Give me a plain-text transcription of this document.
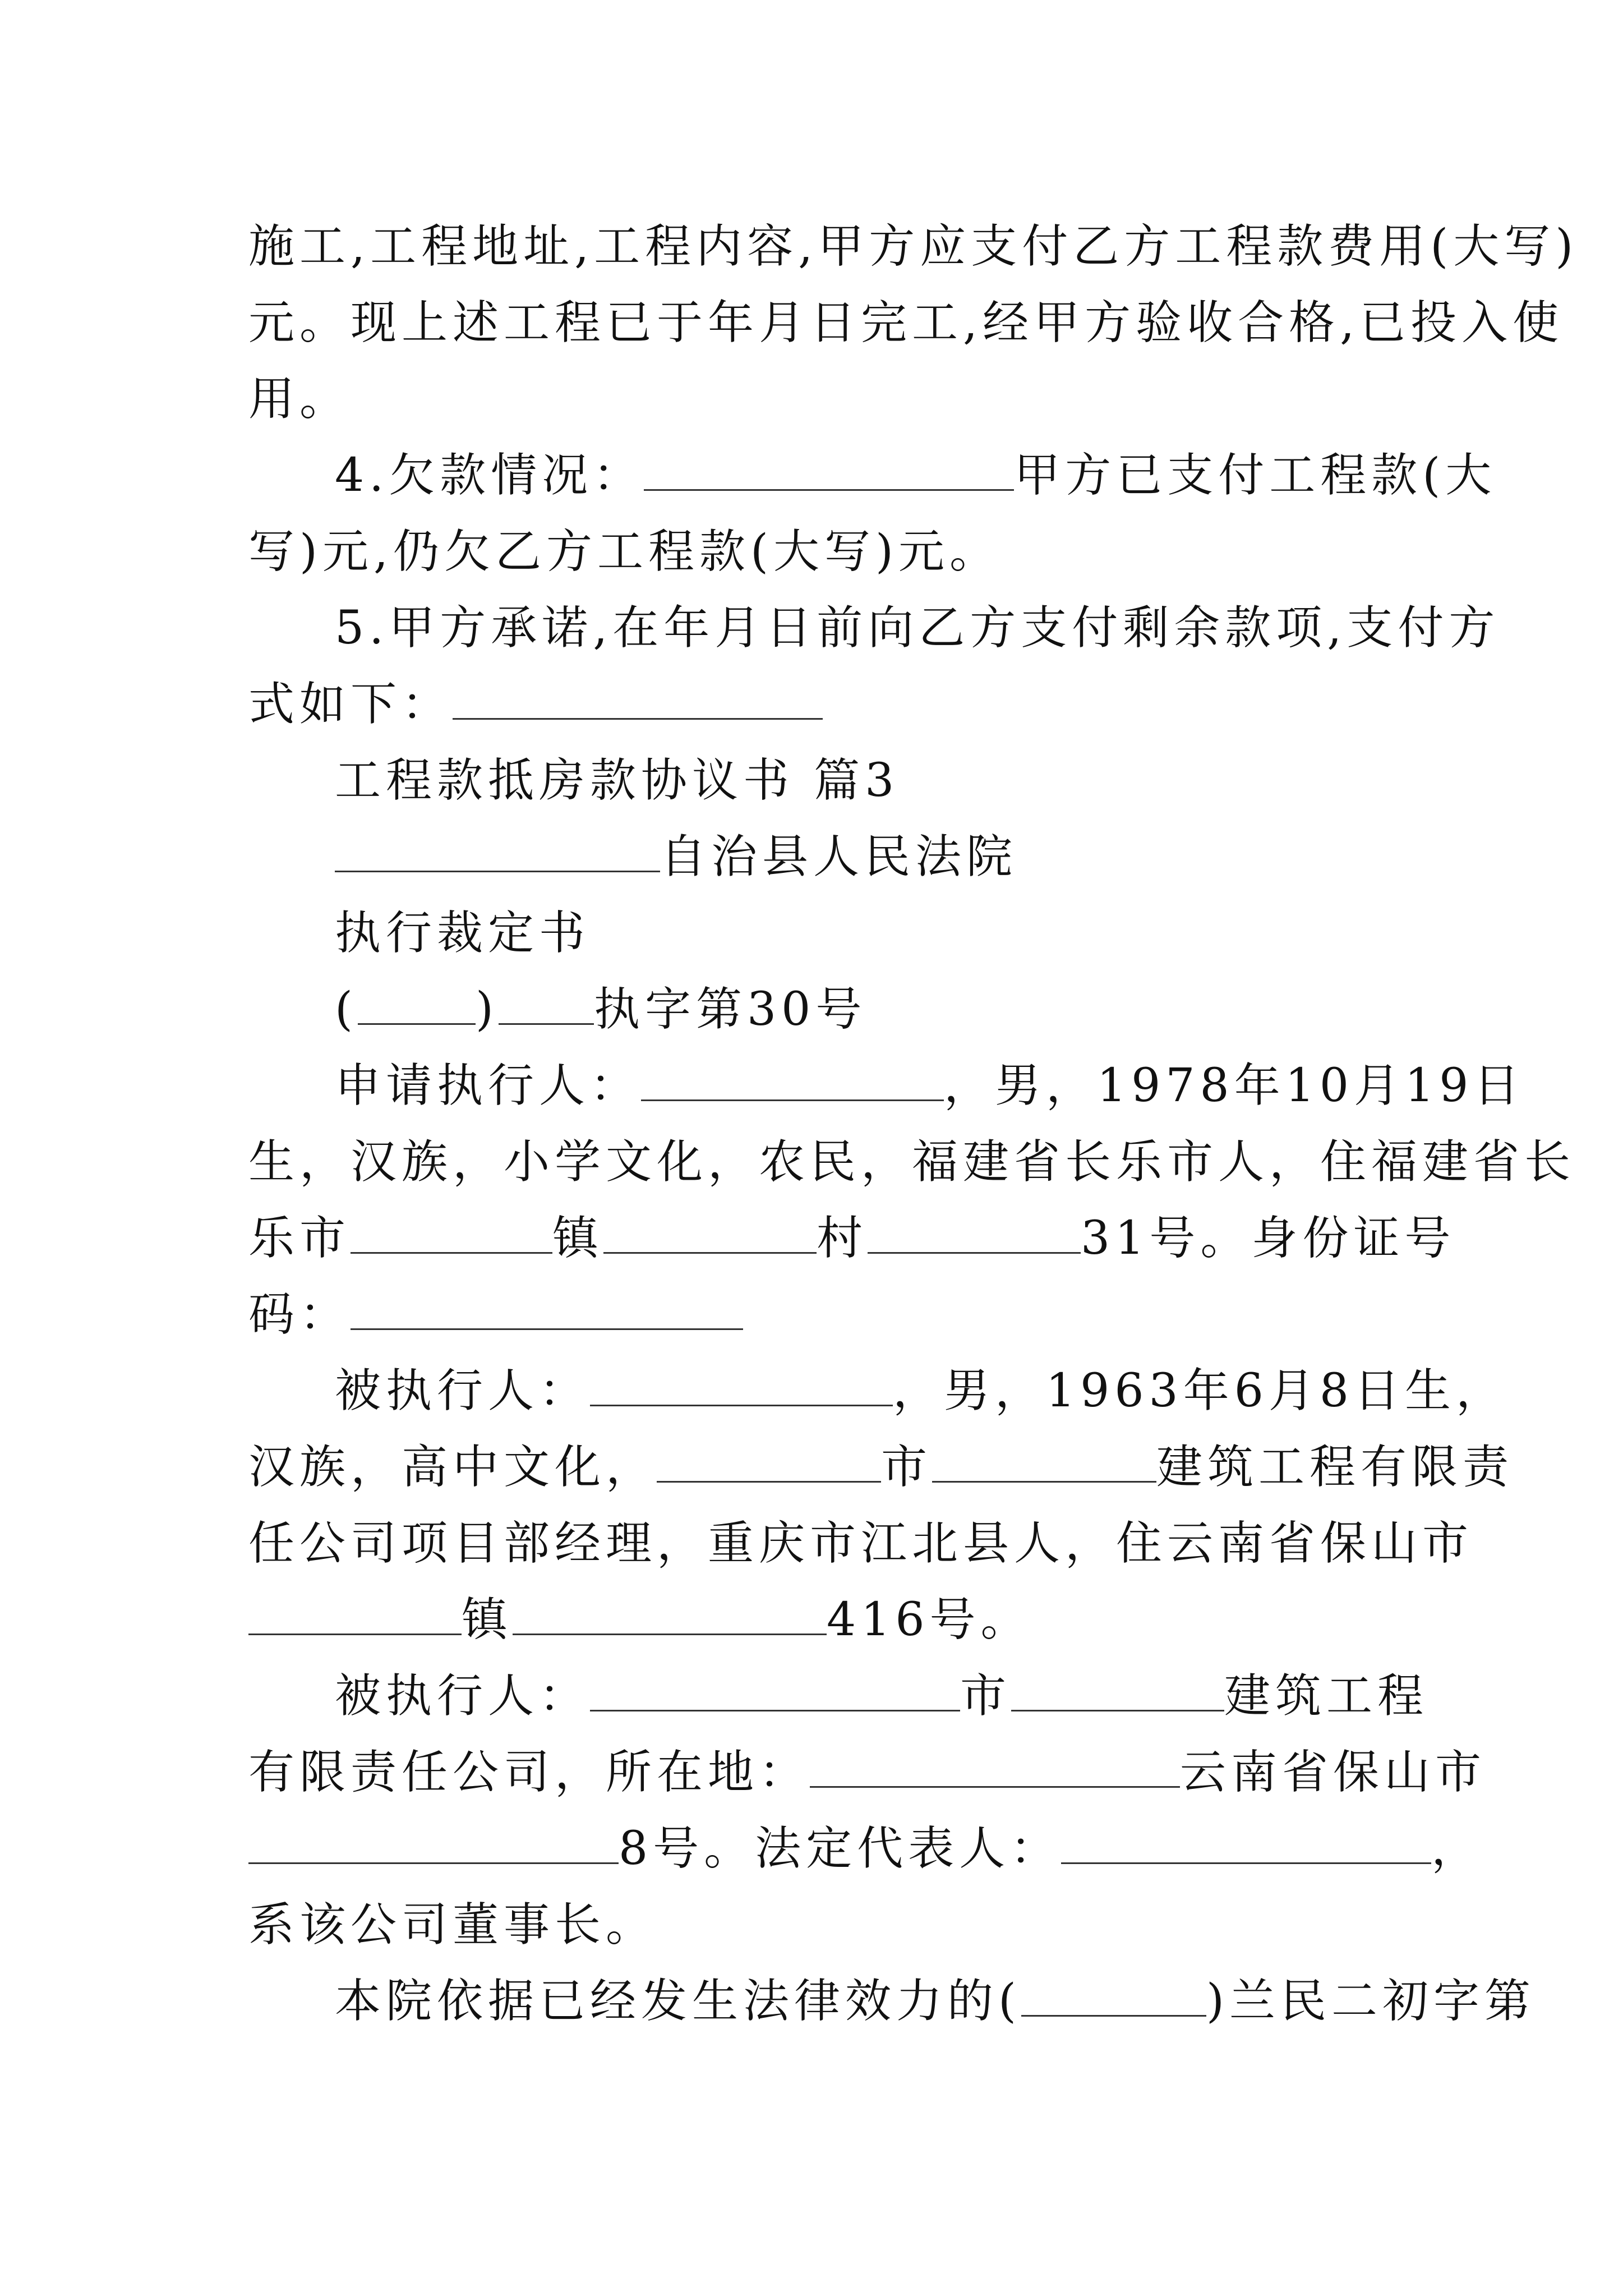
施工,工程地址,工程内容,甲方应支付乙方工程款费用(大写)
元。现上述工程已于年月日完工,经甲方验收合格,已投入使
用。
4.欠款情况：	甲方已支付工程款(大
写)元,仍欠乙方工程款(大写)元。
5.甲方承诺,在年月日前向乙方支付剩余款项,支付方
式如下：
工程款抵房款协议书 篇3
自治县人民法院
执行裁定书
(	) 执字第30号
申请执行人：	，男，1978年10月19日
生，汉族，小学文化，农民，福建省长乐市人，住福建省长
乐市	镇	村	31号。身份证号
码：
被执行人：	，男，1963年6月8日生，
汉族，高中文化，	市	建筑工程有限责
任公司项目部经理，重庆市江北县人，住云南省保山市
镇	416号。
被执行人：	市	建筑工程
有限责任公司，所在地：	云南省保山市
8号。法定代表人：	，
系该公司董事长。
本院依据已经发生法律效力的(	)兰民二初字第
